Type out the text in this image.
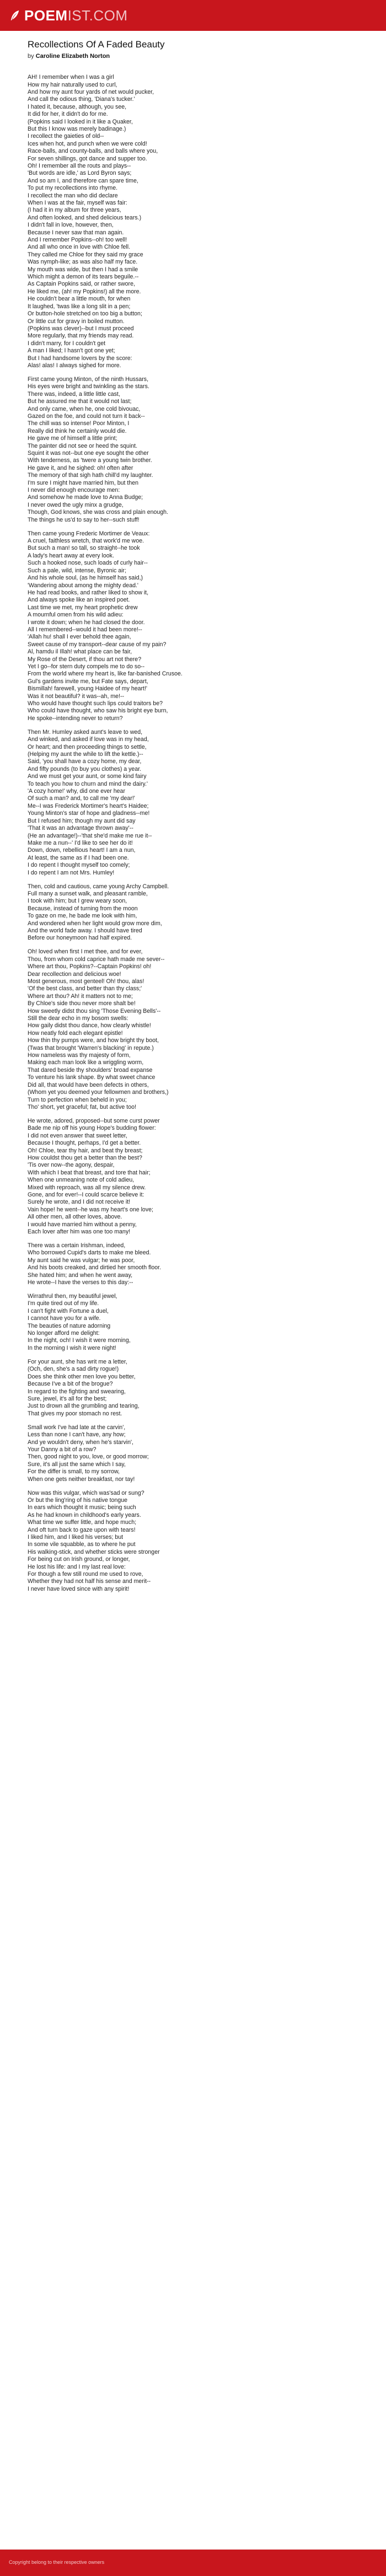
POEMIST.COM
Recollections Of A Faded Beauty
by Caroline Elizabeth Norton
AH! I remember when I was a girl
How my hair naturally used to curl,
And how my aunt four yards of net would pucker,
And call the odious thing, 'Diana's tucker.'
I hated it, because, although, you see,
It did for her, it didn't do for me.
(Popkins said I looked in it like a Quaker,
But this I know was merely badinage.)
I recollect the gaieties of old--
Ices when hot, and punch when we were cold!
Race-balls, and county-balls, and balls where you,
For seven shillings, got dance and supper too.
Oh! I remember all the routs and plays--
'But words are idle,' as Lord Byron says;
And so am I, and therefore can spare time,
To put my recollections into rhyme.
I recollect the man who did declare
When I was at the fair, myself was fair:
(I had it in my album for three years,
And often looked, and shed delicious tears.)
I didn't fall in love, however, then,
Because I never saw that man again.
And I remember Popkins--oh! too well!
And all who once in love with Chloe fell.
They called me Chloe for they said my grace
Was nymph-like; as was also half my face.
My mouth was wide, but then I had a smile
Which might a demon of its tears beguile.--
As Captain Popkins said, or rather swore,
He liked me, (ah! my Popkins!) all the more.
He couldn't bear a little mouth, for when
It laughed, 'twas like a long slit in a pen;
Or button-hole stretched on too big a button;
Or little cut for gravy in boiled mutton.
(Popkins was clever)--but I must proceed
More regularly, that my friends may read.
I didn't marry, for I couldn't get
A man I liked; I hasn't got one yet;
But I had handsome lovers by the score:
Alas! alas! I always sighed for more.
First came young Minton, of the ninth Hussars,
His eyes were bright and twinkling as the stars.
There was, indeed, a little little cast,
But he assured me that it would not last;
And only came, when he, one cold bivouac,
Gazed on the foe, and could not turn it back--
The chill was so intense! Poor Minton, I
Really did think he certainly would die.
He gave me of himself a little print;
The painter did not see or heed the squint.
Squint it was not--but one eye sought the other
With tenderness, as 'twere a young twin brother.
He gave it, and he sighed: oh! often after
The memory of that sigh hath chill'd my laughter.
I'm sure I might have married him, but then
I never did enough encourage men:
And somehow he made love to Anna Budge;
I never owed the ugly minx a grudge,
Though, God knows, she was cross and plain enough.
The things he us'd to say to her--such stuff!
Then came young Frederic Mortimer de Veaux:
A cruel, faithless wretch, that work'd me woe.
But such a man! so tall, so straight--he took
A lady's heart away at every look.
Such a hooked nose, such loads of curly hair--
Such a pale, wild, intense, Byronic air;
And his whole soul, (as he himself has said,)
'Wandering about among the mighty dead.'
He had read books, and rather liked to show it,
And always spoke like an inspired poet.
Last time we met, my heart prophetic drew
A mournful omen from his wild adieu:
I wrote it down; when he had closed the door.
All I remembered--would it had been more!--
'Allah hu! shall I ever behold thee again,
Sweet cause of my transport--dear cause of my pain?
Al, hamdu il Illah! what place can be fair,
My Rose of the Desert, if thou art not there?
Yet I go--for stern duty compels me to do so--
From the world where my heart is, like far-banished Crusoe.
Gul's gardens invite me, but Fate says, depart,
Bismillah! farewell, young Haidee of my heart!'
Was it not beautiful? it was--ah, me!--
Who would have thought such lips could traitors be?
Who could have thought, who saw his bright eye burn,
He spoke--intending never to return?
Then Mr. Humley asked aunt's leave to wed,
And winked, and asked if love was in my head,
Or heart; and then proceeding things to settle,
(Helping my aunt the while to lift the kettle.)--
Said, 'you shall have a cozy home, my dear,
And fifty pounds (to buy you clothes) a year.
And we must get your aunt, or some kind fairy
To teach you how to churn and mind the dairy.'
'A cozy home!' why, did one ever hear
Of such a man? and, to call me 'my dear!'
Me--I was Frederick Mortimer's heart's Haidee;
Young Minton's star of hope and gladness--me!
But I refused him; though my aunt did say
'That it was an advantage thrown away'--
(He an advantage!)--'that she'd make me rue it--
Make me a nun--' I'd like to see her do it!
Down, down, rebellious heart! I am a nun,
At least, the same as if I had been one.
I do repent I thought myself too comely;
I do repent I am not Mrs. Humley!
Then, cold and cautious, came young Archy Campbell.
Full many a sunset walk, and pleasant ramble,
I took with him; but I grew weary soon,
Because, instead of turning from the moon
To gaze on me, he bade me look with him,
And wondered when her light would grow more dim,
And the world fade away. I should have tired
Before our honeymoon had half expired.
Oh! loved when first I met thee, and for ever,
Thou, from whom cold caprice hath made me sever--
Where art thou, Popkins?--Captain Popkins! oh!
Dear recollection and delicious woe!
Most generous, most genteel! Oh! thou, alas!
'Of the best class, and better than thy class;'
Where art thou? Ah! it matters not to me;
By Chloe's side thou never more shalt be!
How sweetly didst thou sing 'Those Evening Bells'--
Still the dear echo in my bosom swells:
How gaily didst thou dance, how clearly whistle!
How neatly fold each elegant epistle!
How thin thy pumps were, and how bright thy boot,
(Twas that brought 'Warren's blacking' in repute.)
How nameless was thy majesty of form,
Making each man look like a wriggling worm,
That dared beside thy shoulders' broad expanse
To venture his lank shape. By what sweet chance
Did all, that would have been defects in others,
(Whom yet you deemed your fellowmen and brothers,)
Turn to perfection when beheld in you;
Tho' short, yet graceful; fat, but active too!
He wrote, adored, proposed--but some curst power
Bade me nip off his young Hope's budding flower:
I did not even answer that sweet letter,
Because I thought, perhaps, I'd get a better.
Oh! Chloe, tear thy hair, and beat thy breast;
How couldst thou get a better than the best?
'Tis over now--the agony, despair,
With which I beat that breast, and tore that hair;
When one unmeaning note of cold adieu,
Mixed with reproach, was all my silence drew.
Gone, and for ever!--I could scarce believe it:
Surely he wrote, and I did not receive it!
Vain hope! he went--he was my heart's one love;
All other men, all other loves, above.
I would have married him without a penny,
Each lover after him was one too many!
There was a certain Irishman, indeed,
Who borrowed Cupid's darts to make me bleed.
My aunt said he was vulgar; he was poor,
And his boots creaked, and dirtied her smooth floor.
She hated him; and when he went away,
He wrote--I have the verses to this day:--
Wirrathrul then, my beautiful jewel,
I'm quite tired out of my life.
I can't fight with Fortune a duel,
I cannot have you for a wife.
The beauties of nature adorning
No longer afford me delight:
In the night, och! I wish it were morning,
In the morning I wish it were night!
For your aunt, she has writ me a letter,
(Och, den, she's a sad dirty rogue!)
Does she think other men love you better,
Because I've a bit of the brogue?
In regard to the fighting and swearing,
Sure, jewel, it's all for the best;
Just to drown all the grumbling and tearing,
That gives my poor stomach no rest.
Small work I've had late at the carvin',
Less than none I can't have, any how;
And ye wouldn't deny, when he's starvin',
Your Danny a bit of a row?
Then, good night to you, love, or good morrow;
Sure, it's all just the same which I say,
For the differ is small, to my sorrow,
When one gets neither breakfast, nor tay!
Now was this vulgar, which was'sad or sung?
Or but the ling'ring of his native tongue
In ears which thought it music; being such
As he had known in childhood's early years.
What time we suffer little, and hope much;
And oft turn back to gaze upon with tears!
I liked him, and I liked his verses; but
In some vile squabble, as to where he put
His walking-stick, and whether sticks were stronger
For being cut on Irish ground, or longer,
He lost his life: and I my last real love:
For though a few still round me used to rove,
Whether they had not half his sense and merit--
I never have loved since with any spirit!
Copyright belong to their respective owners
